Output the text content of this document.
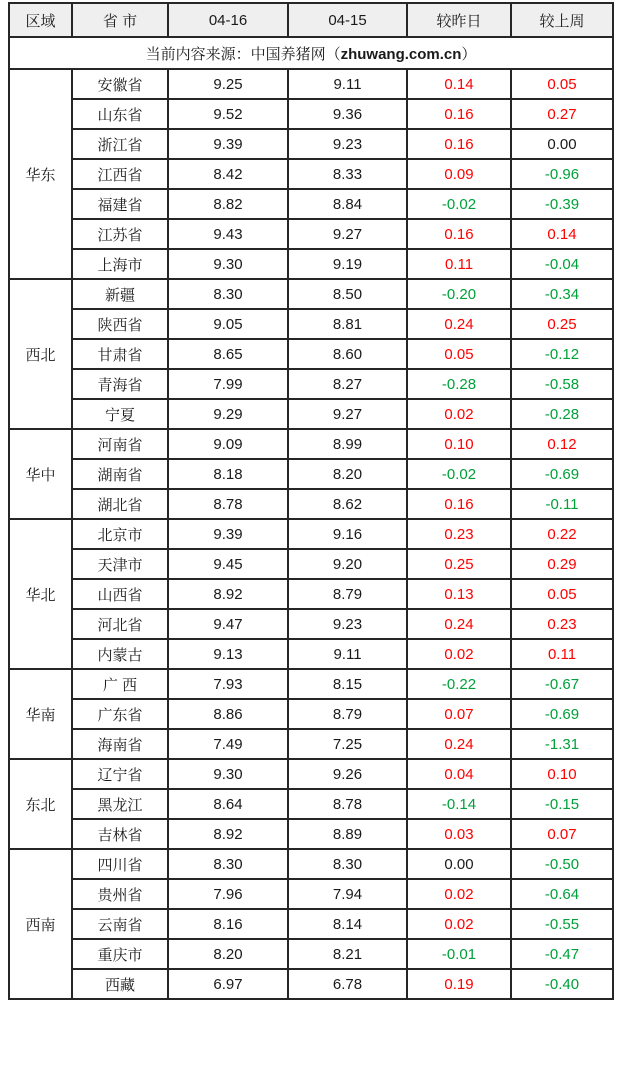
区域	省 市	04-16	04-15	较昨日	较上周
当前内容来源：中国养猪网（zhuwang.com.cn）					
华东	安徽省	9.25	9.11	0.14	0.05
	山东省	9.52	9.36	0.16	0.27
	浙江省	9.39	9.23	0.16	0.00
	江西省	8.42	8.33	0.09	-0.96
	福建省	8.82	8.84	-0.02	-0.39
	江苏省	9.43	9.27	0.16	0.14
	上海市	9.30	9.19	0.11	-0.04
西北	新疆	8.30	8.50	-0.20	-0.34
	陕西省	9.05	8.81	0.24	0.25
	甘肃省	8.65	8.60	0.05	-0.12
	青海省	7.99	8.27	-0.28	-0.58
	宁夏	9.29	9.27	0.02	-0.28
华中	河南省	9.09	8.99	0.10	0.12
	湖南省	8.18	8.20	-0.02	-0.69
	湖北省	8.78	8.62	0.16	-0.11
华北	北京市	9.39	9.16	0.23	0.22
	天津市	9.45	9.20	0.25	0.29
	山西省	8.92	8.79	0.13	0.05
	河北省	9.47	9.23	0.24	0.23
	内蒙古	9.13	9.11	0.02	0.11
华南	广 西	7.93	8.15	-0.22	-0.67
	广东省	8.86	8.79	0.07	-0.69
	海南省	7.49	7.25	0.24	-1.31
东北	辽宁省	9.30	9.26	0.04	0.10
	黑龙江	8.64	8.78	-0.14	-0.15
	吉林省	8.92	8.89	0.03	0.07
西南	四川省	8.30	8.30	0.00	-0.50
	贵州省	7.96	7.94	0.02	-0.64
	云南省	8.16	8.14	0.02	-0.55
	重庆市	8.20	8.21	-0.01	-0.47
	西藏	6.97	6.78	0.19	-0.40
